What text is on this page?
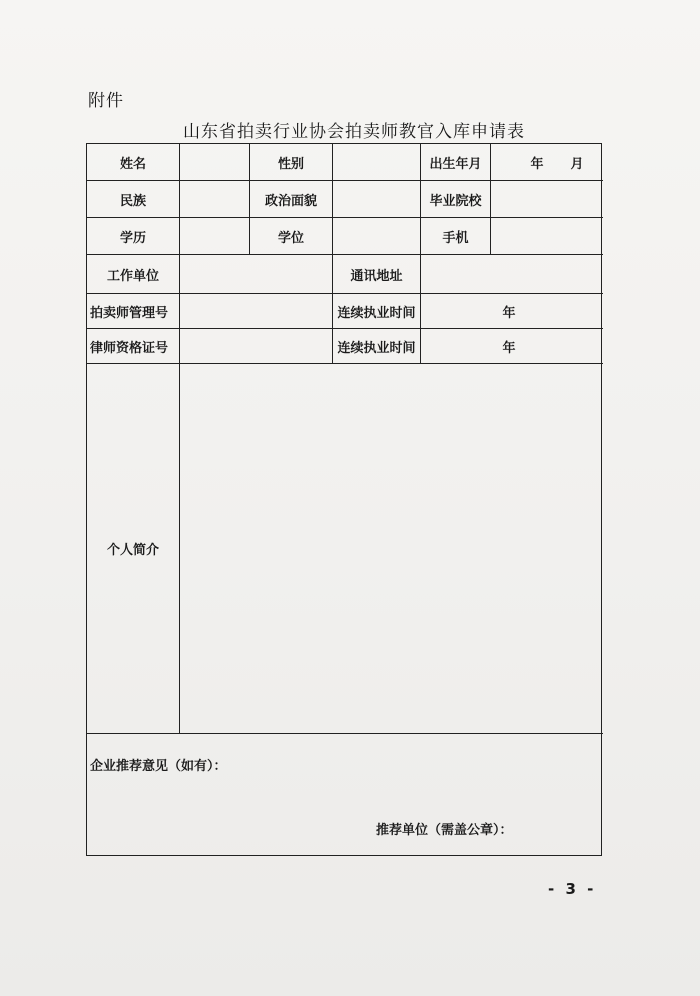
附件
山东省拍卖行业协会拍卖师教官入库申请表
姓名	性别	出生年月	年 月
民族	政治面貌	毕业院校
学历	学位	手机
工作单位	通讯地址
拍卖师管理号	连续执业时间	年
律师资格证号	连续执业时间	年
个人简介
企业推荐意见（如有）：
推荐单位（需盖公章）：
- 3 -
